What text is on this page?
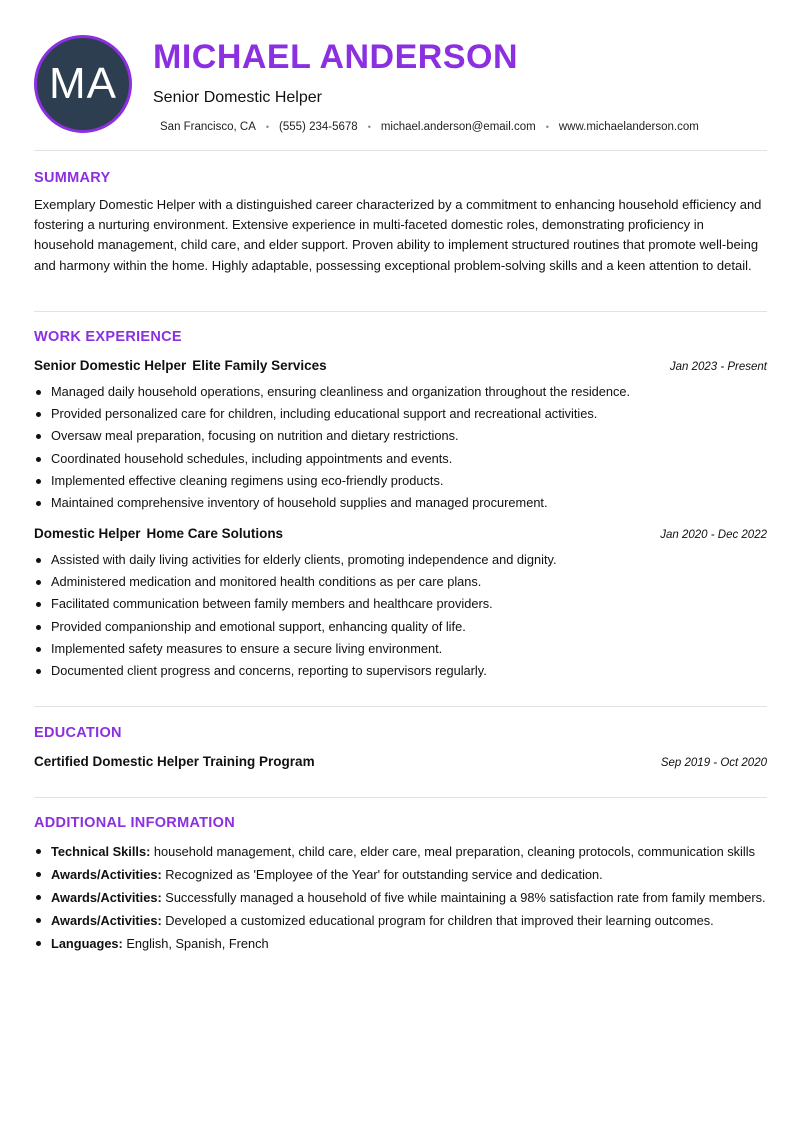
MA
MICHAEL ANDERSON
Senior Domestic Helper
San Francisco, CA • (555) 234-5678 • michael.anderson@email.com • www.michaelanderson.com
SUMMARY

Exemplary Domestic Helper with a distinguished career characterized by a commitment to enhancing household efficiency and fostering a nurturing environment. Extensive experience in multi-faceted domestic roles, demonstrating proficiency in household management, child care, and elder support. Proven ability to implement structured routines that promote well-being and harmony within the home. Highly adaptable, possessing exceptional problem-solving skills and a keen attention to detail.

WORK EXPERIENCE
Senior Domestic Helper Elite Family Services	Jan 2023 - Present
Managed daily household operations, ensuring cleanliness and organization throughout the residence.
Provided personalized care for children, including educational support and recreational activities.
Oversaw meal preparation, focusing on nutrition and dietary restrictions.
Coordinated household schedules, including appointments and events.
Implemented effective cleaning regimens using eco-friendly products.
Maintained comprehensive inventory of household supplies and managed procurement.
Domestic Helper Home Care Solutions	Jan 2020 - Dec 2022
Assisted with daily living activities for elderly clients, promoting independence and dignity.
Administered medication and monitored health conditions as per care plans.
Facilitated communication between family members and healthcare providers.
Provided companionship and emotional support, enhancing quality of life.
Implemented safety measures to ensure a secure living environment.
Documented client progress and concerns, reporting to supervisors regularly.
EDUCATION
Certified Domestic Helper Training Program	Sep 2019 - Oct 2020
ADDITIONAL INFORMATION
Technical Skills: household management, child care, elder care, meal preparation, cleaning protocols, communication skills
Awards/Activities: Recognized as 'Employee of the Year' for outstanding service and dedication.
Awards/Activities: Successfully managed a household of five while maintaining a 98% satisfaction rate from family members.
Awards/Activities: Developed a customized educational program for children that improved their learning outcomes.
Languages: English, Spanish, French
